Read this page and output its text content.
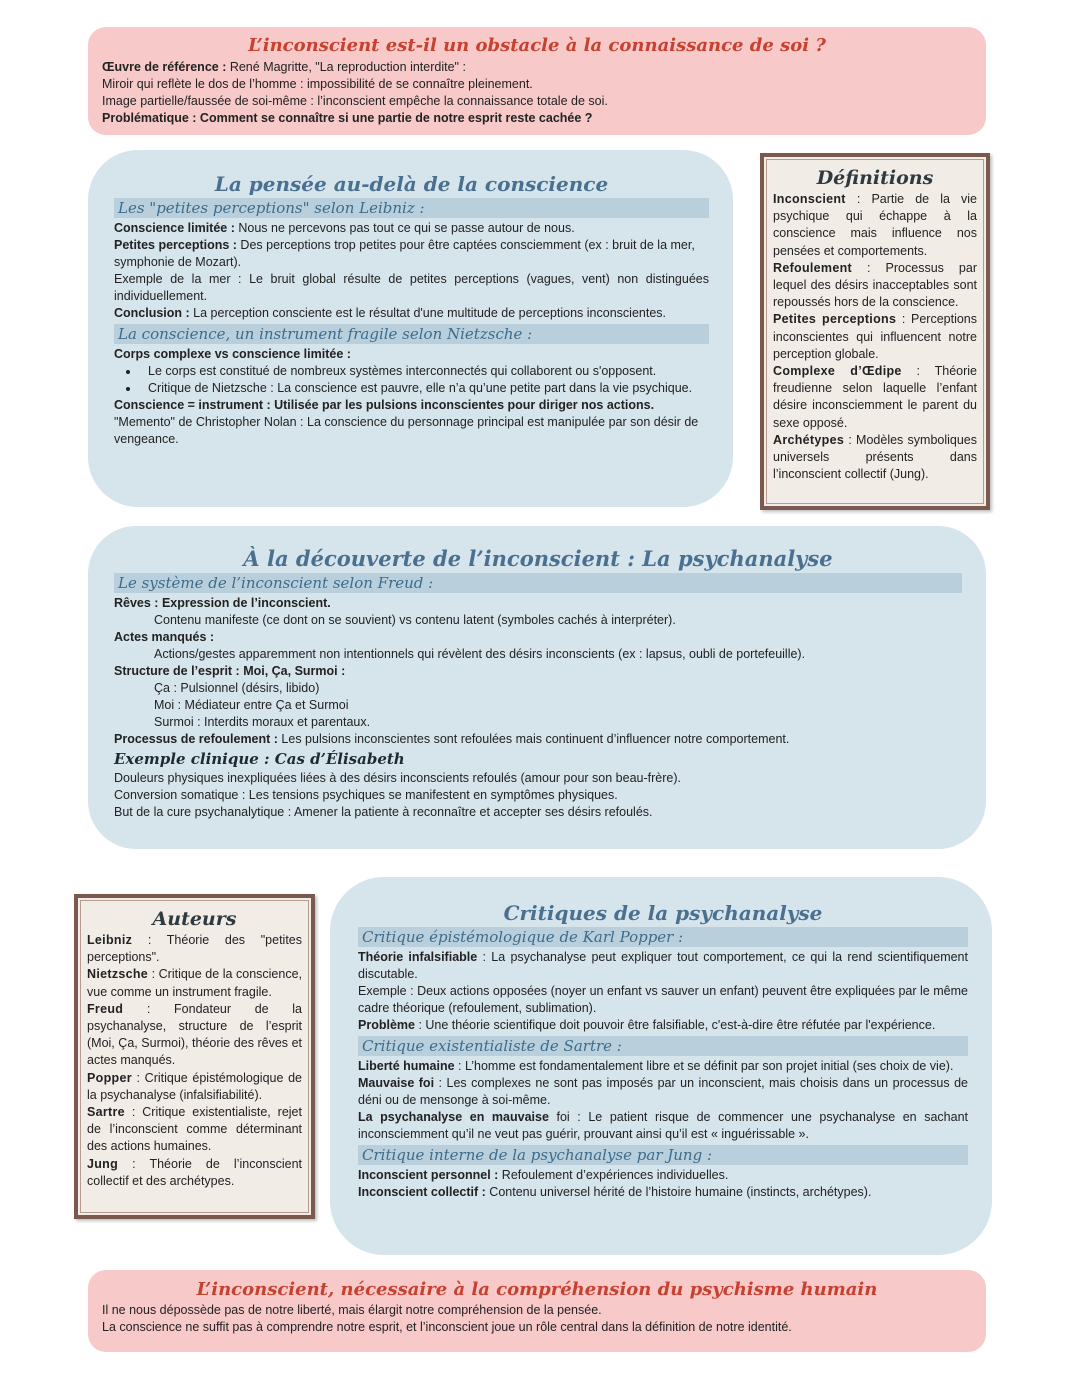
L’inconscient est-il un obstacle à la connaissance de soi ?

Œuvre de référence : René Magritte, "La reproduction interdite" :

Miroir qui reflète le dos de l’homme : impossibilité de se connaître pleinement.

Image partielle/faussée de soi-même : l’inconscient empêche la connaissance totale de soi.

Problématique : Comment se connaître si une partie de notre esprit reste cachée ?

La pensée au-delà de la conscience
Les "petites perceptions" selon Leibniz :

Conscience limitée : Nous ne percevons pas tout ce qui se passe autour de nous.

Petites perceptions : Des perceptions trop petites pour être captées consciemment (ex : bruit de la mer, symphonie de Mozart).

Exemple de la mer : Le bruit global résulte de petites perceptions (vagues, vent) non distinguées individuellement.

Conclusion : La perception consciente est le résultat d'une multitude de perceptions inconscientes.

La conscience, un instrument fragile selon Nietzsche :

Corps complexe vs conscience limitée :

• Le corps est constitué de nombreux systèmes interconnectés qui collaborent ou s'opposent.
• Critique de Nietzsche : La conscience est pauvre, elle n’a qu’une petite part dans la vie psychique.

Conscience = instrument : Utilisée par les pulsions inconscientes pour diriger nos actions.

"Memento" de Christopher Nolan : La conscience du personnage principal est manipulée par son désir de vengeance.

Définitions

Inconscient : Partie de la vie psychique qui échappe à la conscience mais influence nos pensées et comportements.

Refoulement : Processus par lequel des désirs inacceptables sont repoussés hors de la conscience.

Petites perceptions : Perceptions inconscientes qui influencent notre perception globale.

Complexe d’Œdipe : Théorie freudienne selon laquelle l’enfant désire inconsciemment le parent du sexe opposé.

Archétypes : Modèles symboliques universels présents dans l’inconscient collectif (Jung).

À la découverte de l’inconscient : La psychanalyse
Le système de l’inconscient selon Freud :

Rêves : Expression de l’inconscient.

Contenu manifeste (ce dont on se souvient) vs contenu latent (symboles cachés à interpréter).

Actes manqués :

Actions/gestes apparemment non intentionnels qui révèlent des désirs inconscients (ex : lapsus, oubli de portefeuille).

Structure de l’esprit : Moi, Ça, Surmoi :

Ça : Pulsionnel (désirs, libido)

Moi : Médiateur entre Ça et Surmoi

Surmoi : Interdits moraux et parentaux.

Processus de refoulement : Les pulsions inconscientes sont refoulées mais continuent d’influencer notre comportement.

Exemple clinique : Cas d’Élisabeth

Douleurs physiques inexpliquées liées à des désirs inconscients refoulés (amour pour son beau-frère).

Conversion somatique : Les tensions psychiques se manifestent en symptômes physiques.

But de la cure psychanalytique : Amener la patiente à reconnaître et accepter ses désirs refoulés.

Auteurs

Leibniz : Théorie des "petites perceptions".

Nietzsche : Critique de la conscience, vue comme un instrument fragile.

Freud : Fondateur de la psychanalyse, structure de l’esprit (Moi, Ça, Surmoi), théorie des rêves et actes manqués.

Popper : Critique épistémologique de la psychanalyse (infalsifiabilité).

Sartre : Critique existentialiste, rejet de l’inconscient comme déterminant des actions humaines.

Jung : Théorie de l’inconscient collectif et des archétypes.

Critiques de la psychanalyse
Critique épistémologique de Karl Popper :

Théorie infalsifiable : La psychanalyse peut expliquer tout comportement, ce qui la rend scientifiquement discutable.

Exemple : Deux actions opposées (noyer un enfant vs sauver un enfant) peuvent être expliquées par le même cadre théorique (refoulement, sublimation).

Problème : Une théorie scientifique doit pouvoir être falsifiable, c'est-à-dire être réfutée par l'expérience.

Critique existentialiste de Sartre :

Liberté humaine : L’homme est fondamentalement libre et se définit par son projet initial (ses choix de vie).

Mauvaise foi : Les complexes ne sont pas imposés par un inconscient, mais choisis dans un processus de déni ou de mensonge à soi-même.

La psychanalyse en mauvaise foi : Le patient risque de commencer une psychanalyse en sachant inconsciemment qu’il ne veut pas guérir, prouvant ainsi qu’il est « inguérissable ».

Critique interne de la psychanalyse par Jung :

Inconscient personnel : Refoulement d’expériences individuelles.

Inconscient collectif : Contenu universel hérité de l’histoire humaine (instincts, archétypes).

L’inconscient, nécessaire à la compréhension du psychisme humain

Il ne nous dépossède pas de notre liberté, mais élargit notre compréhension de la pensée.

La conscience ne suffit pas à comprendre notre esprit, et l’inconscient joue un rôle central dans la définition de notre identité.
